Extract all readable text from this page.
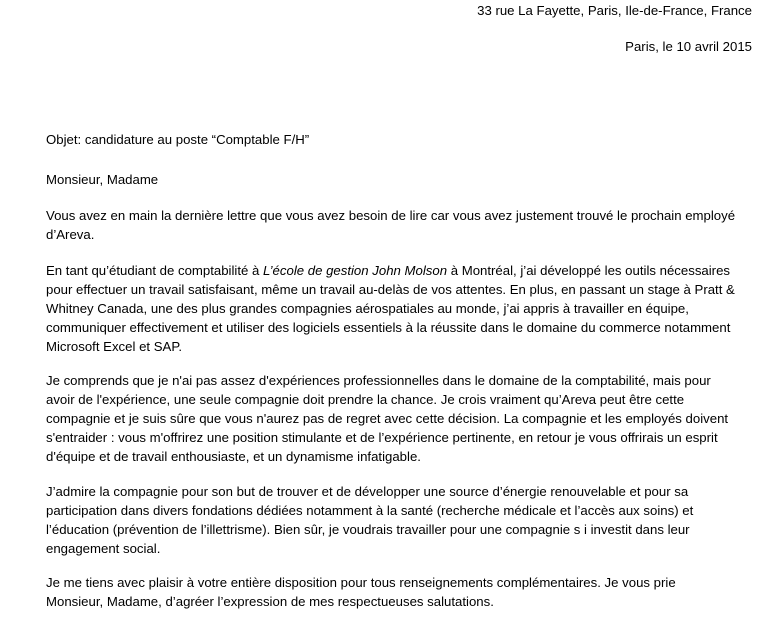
33 rue La Fayette, Paris, Ile-de-France, France
Paris, le 10 avril 2015

Objet: candidature au poste “Comptable F/H”

Monsieur, Madame

Vous avez en main la dernière lettre que vous avez besoin de lire car vous avez justement trouvé le prochain employé d’Areva.

En tant qu’étudiant de comptabilité à L’école de gestion John Molson à Montréal, j’ai développé les outils nécessaires pour effectuer un travail satisfaisant, même un travail au-delàs de vos attentes. En plus, en passant un stage à Pratt & Whitney Canada, une des plus grandes compagnies aérospatiales au monde, j’ai appris à travailler en équipe, communiquer effectivement et utiliser des logiciels essentiels à la réussite dans le domaine du commerce notamment Microsoft Excel et SAP.

Je comprends que je n'ai pas assez d'expériences professionnelles dans le domaine de la comptabilité, mais pour avoir de l'expérience, une seule compagnie doit prendre la chance. Je crois vraiment qu’Areva peut être cette compagnie et je suis sûre que vous n'aurez pas de regret avec cette décision. La compagnie et les employés doivent s'entraider : vous m'offrirez une position stimulante et de l’expérience pertinente, en retour je vous offrirais un esprit d'équipe et de travail enthousiaste, et un dynamisme infatigable.

J’admire la compagnie pour son but de trouver et de développer une source d’énergie renouvelable et pour sa participation dans divers fondations dédiées notamment à la santé (recherche médicale et l’accès aux soins) et l’éducation (prévention de l’illettrisme). Bien sûr, je voudrais travailler pour une compagnie s i investit dans leur engagement social.

Je me tiens avec plaisir à votre entière disposition pour tous renseignements complémentaires. Je vous prie Monsieur, Madame, d’agréer l’expression de mes respectueuses salutations.
